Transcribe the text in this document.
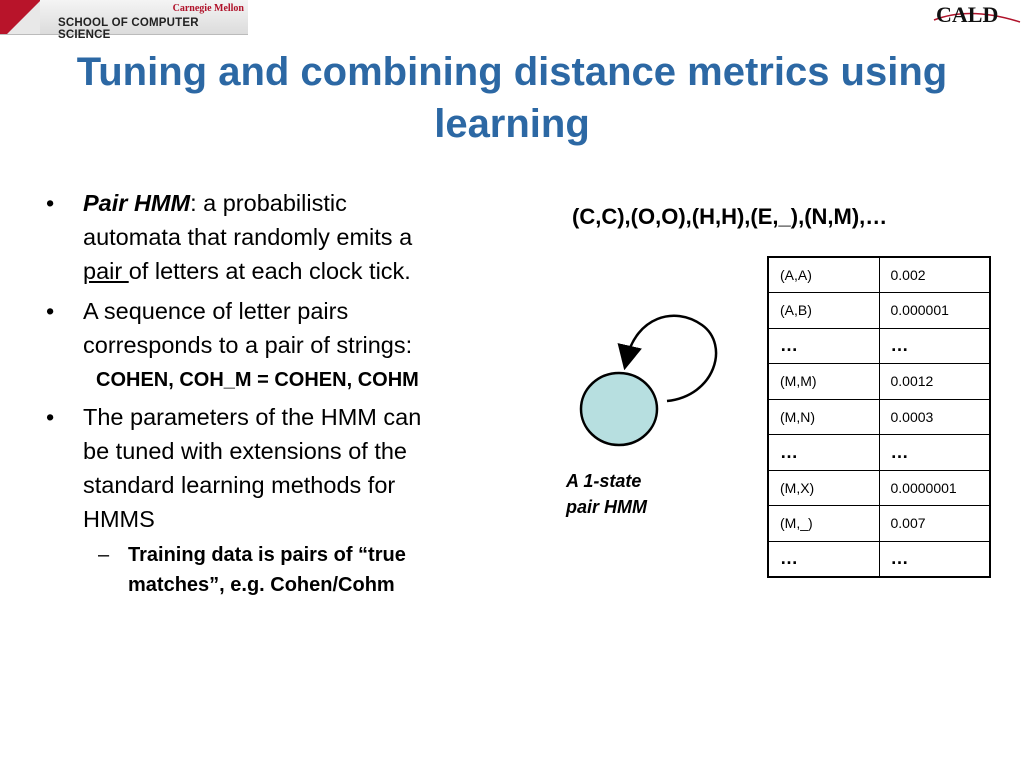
Carnegie Mellon
SCHOOL OF COMPUTER SCIENCE
CALD
Tuning and combining distance metrics using learning
• Pair HMM: a probabilistic
automata that randomly emits a
pair of letters at each clock tick.
• A sequence of letter pairs
corresponds to a pair of strings:
COHEN, COH_M = COHEN, COHM
• The parameters of the HMM can
be tuned with extensions of the
standard learning methods for
HMMS
– Training data is pairs of “true
matches”, e.g. Cohen/Cohm
(C,C),(O,O),(H,H),(E,_),(N,M),…
A 1-state
pair HMM
(A,A)	0.002
(A,B)	0.000001
…	…
(M,M)	0.0012
(M,N)	0.0003
…	…
(M,X)	0.0000001
(M,_)	0.007
…	…
